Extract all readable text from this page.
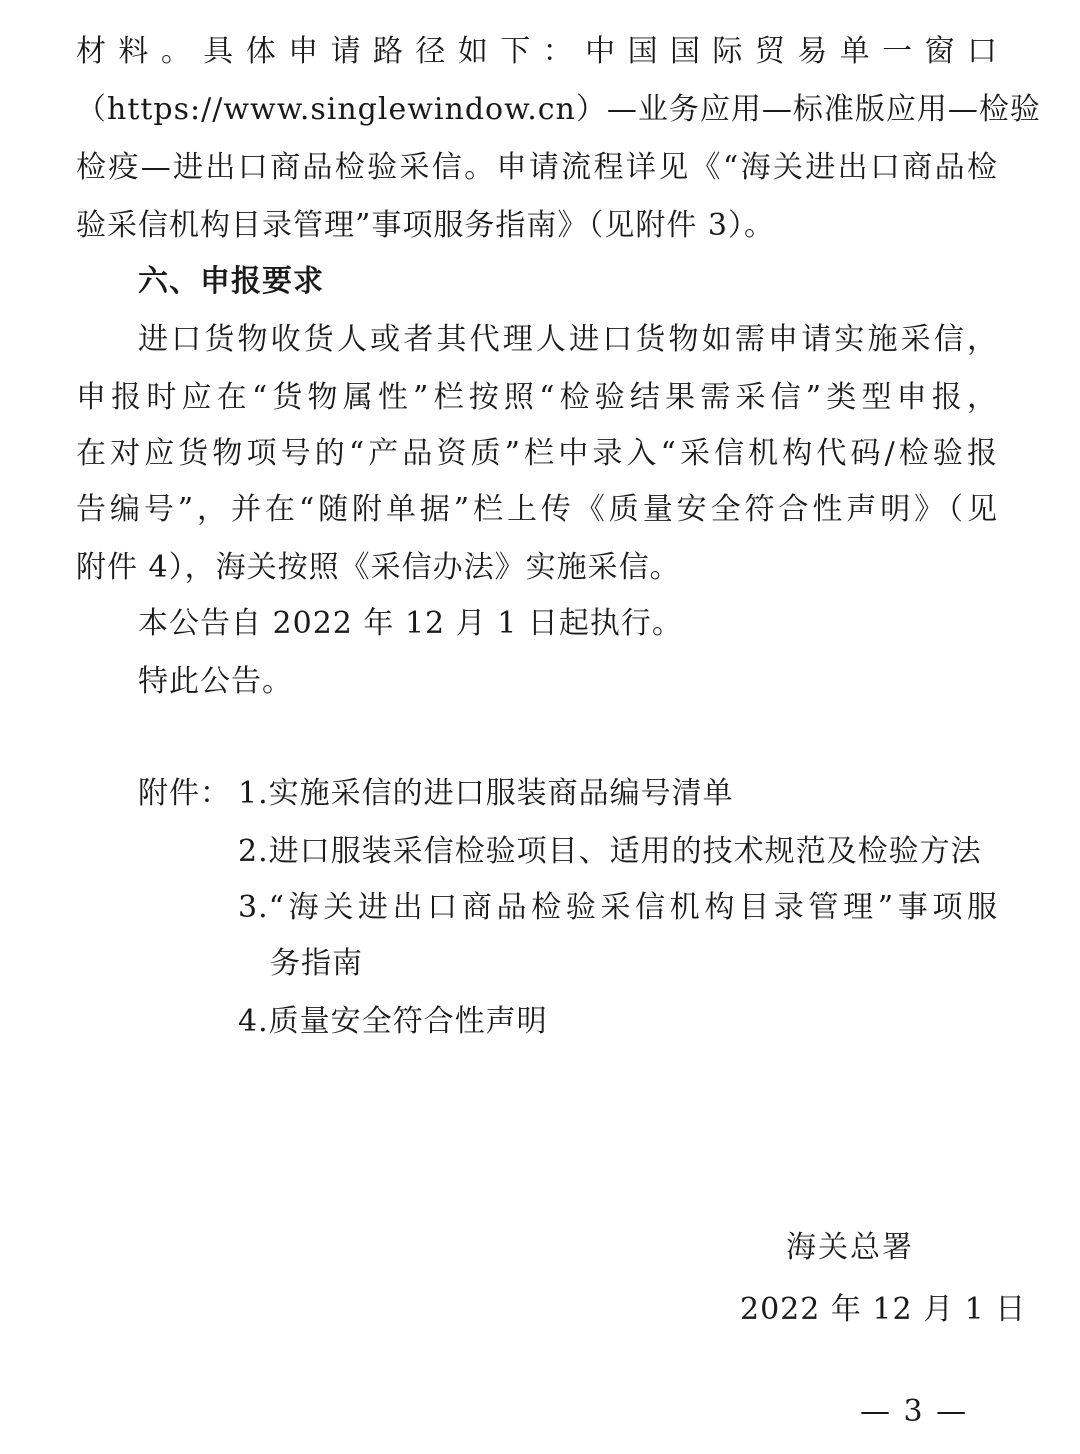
材料。具体申请路径如下：中国国际贸易单一窗口
（https://www.singlewindow.cn）—业务应用—标准版应用—检验
检疫—进出口商品检验采信。申请流程详见《“海关进出口商品检
验采信机构目录管理”事项服务指南》（见附件 3）。
六、申报要求
进口货物收货人或者其代理人进口货物如需申请实施采信，
申报时应在“货物属性”栏按照“检验结果需采信”类型申报，
在对应货物项号的“产品资质”栏中录入“采信机构代码/检验报
告编号”，并在“随附单据”栏上传《质量安全符合性声明》（见
附件 4），海关按照《采信办法》实施采信。
本公告自 2022 年 12 月 1 日起执行。
特此公告。
附件： 1.实施采信的进口服装商品编号清单
2.进口服装采信检验项目、适用的技术规范及检验方法
3.“海关进出口商品检验采信机构目录管理”事项服
务指南
4.质量安全符合性声明
海关总署
2022 年 12 月 1 日
— 3 —
